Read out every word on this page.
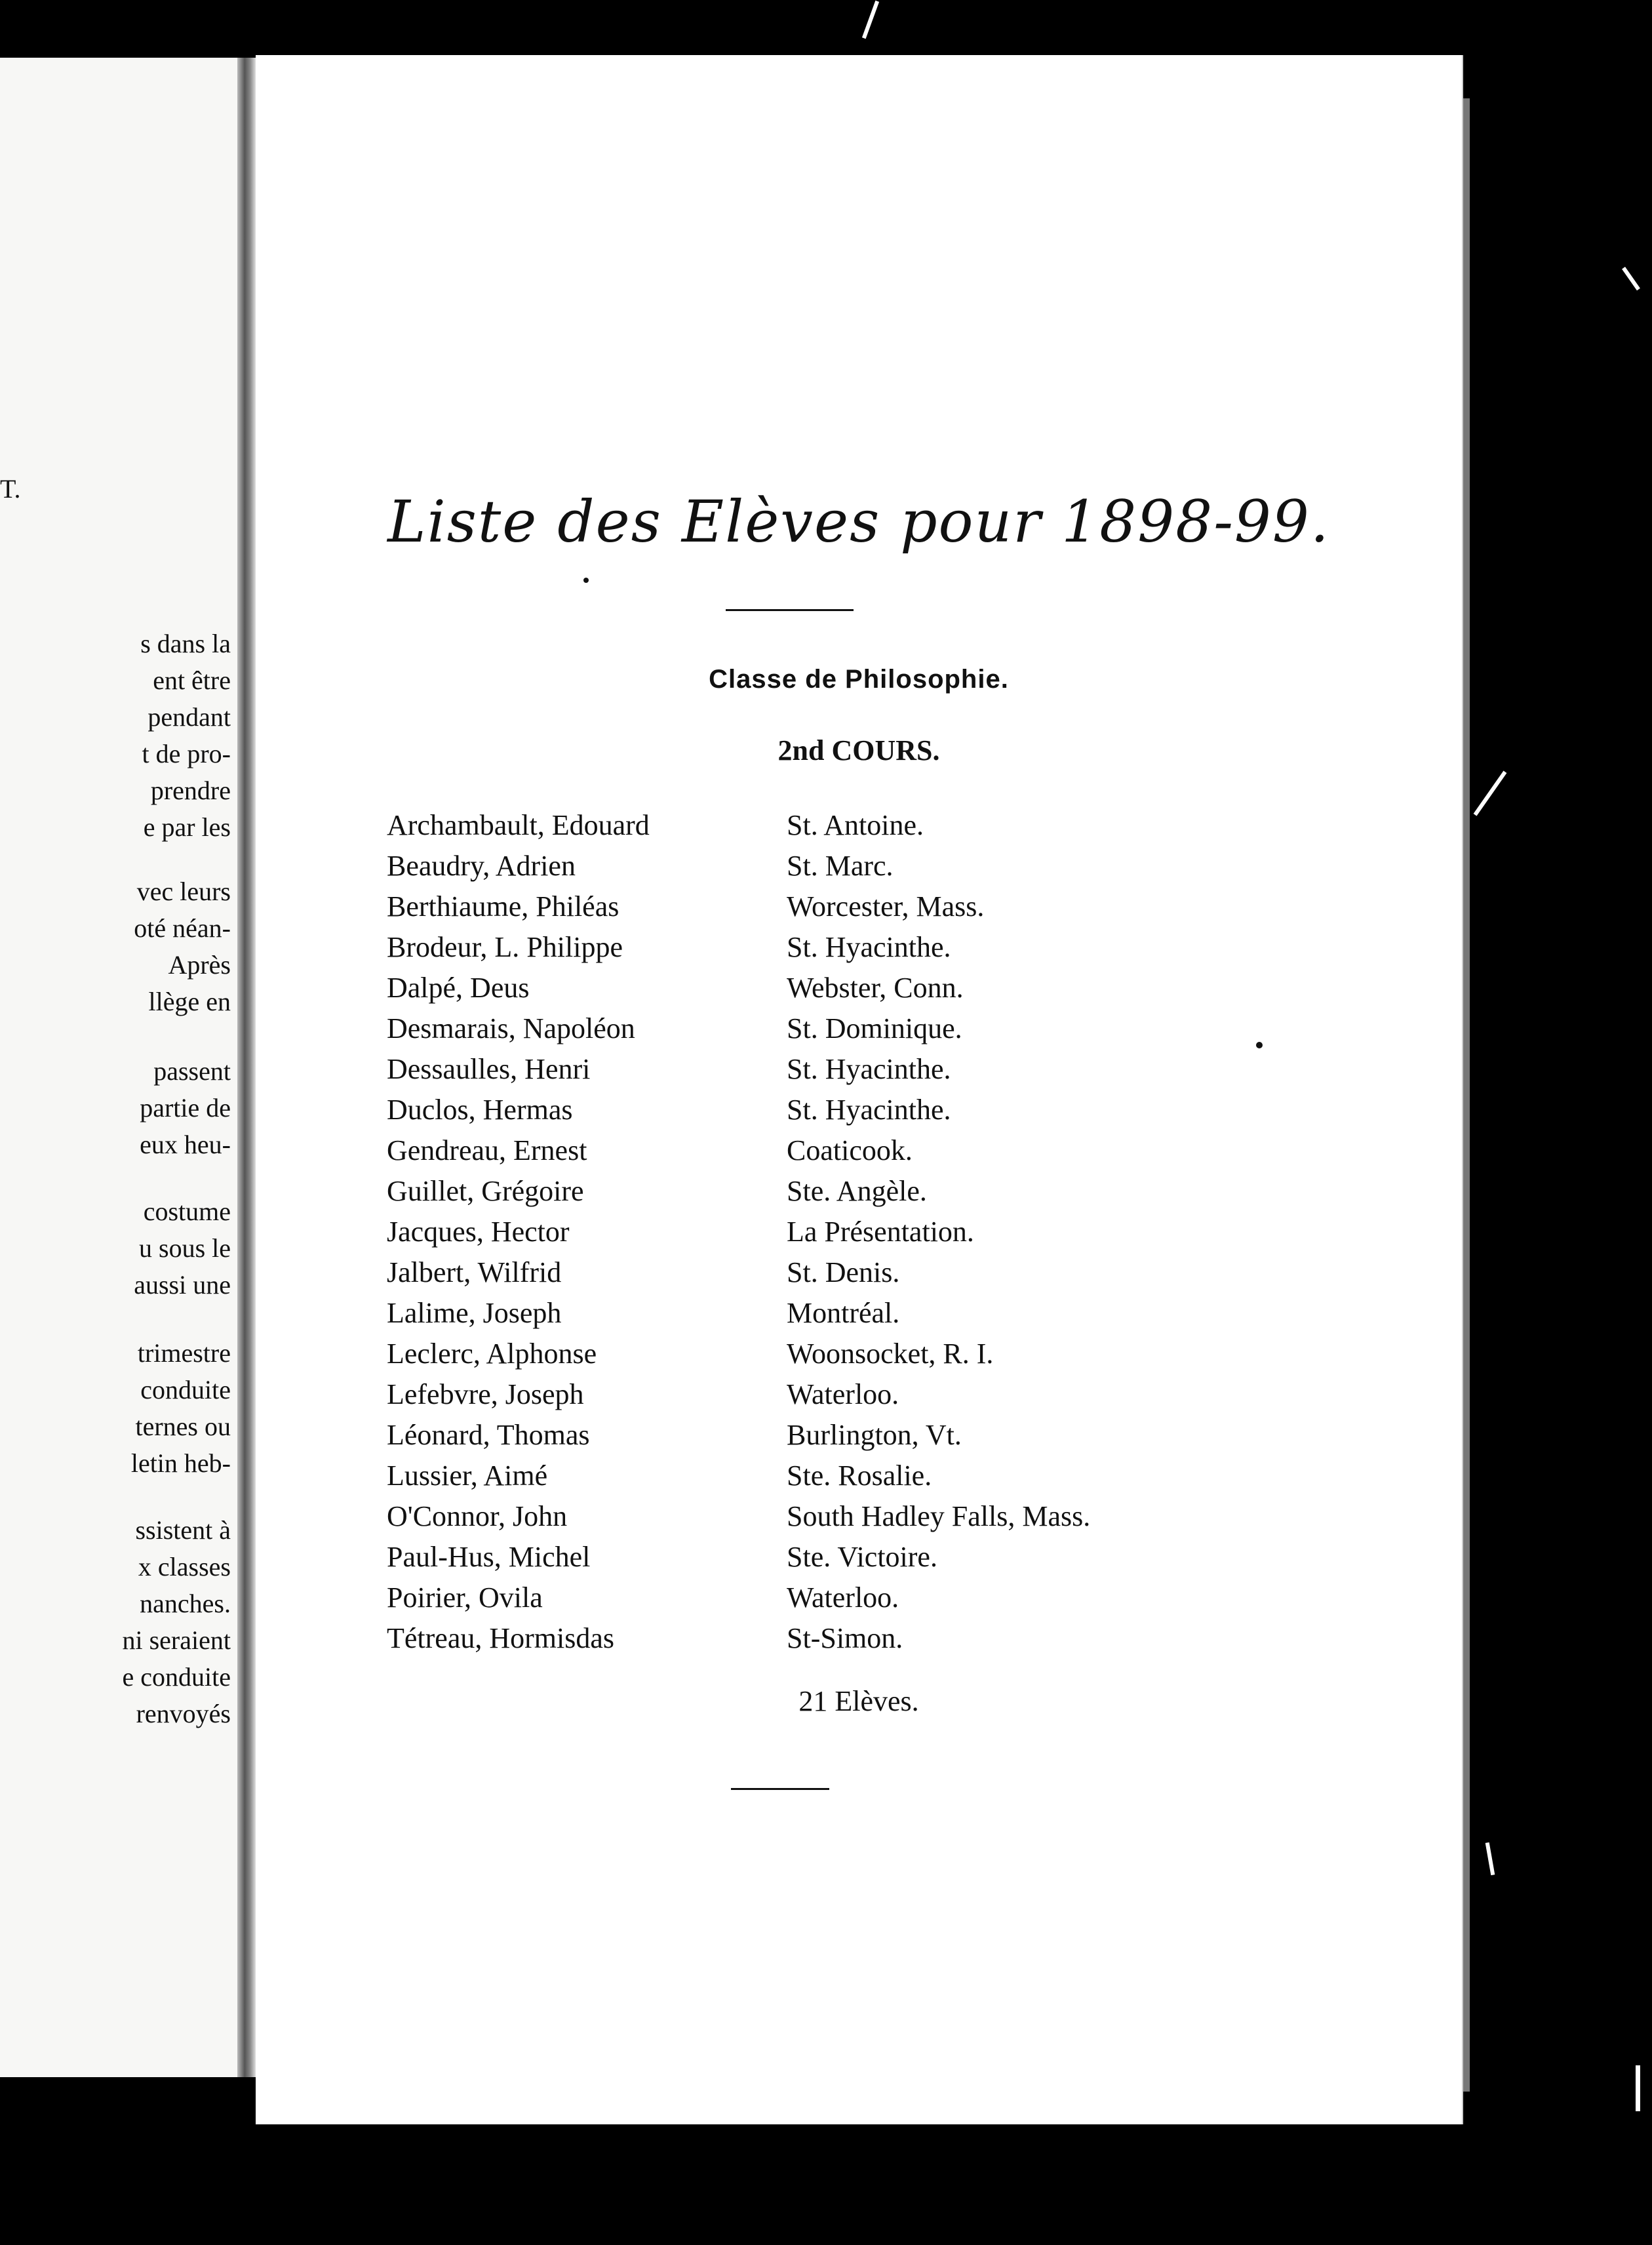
T.

s dans la

ent être

pendant

t de pro-

prendre

e par les

vec leurs

oté néan-

Après

llège en

passent

partie de

eux heu-

costume

u sous le

aussi une

trimestre

conduite

ternes ou

letin heb-

ssistent à

x classes

nanches.

ni seraient

e conduite

renvoyés

Liste des Elèves pour 1898-99.
Classe de Philosophie.
2nd COURS.
Archambault, Edouard	St. Antoine.
Beaudry, Adrien	St. Marc.
Berthiaume, Philéas	Worcester, Mass.
Brodeur, L. Philippe	St. Hyacinthe.
Dalpé, Deus	Webster, Conn.
Desmarais, Napoléon	St. Dominique.
Dessaulles, Henri	St. Hyacinthe.
Duclos, Hermas	St. Hyacinthe.
Gendreau, Ernest	Coaticook.
Guillet, Grégoire	Ste. Angèle.
Jacques, Hector	La Présentation.
Jalbert, Wilfrid	St. Denis.
Lalime, Joseph	Montréal.
Leclerc, Alphonse	Woonsocket, R. I.
Lefebvre, Joseph	Waterloo.
Léonard, Thomas	Burlington, Vt.
Lussier, Aimé	Ste. Rosalie.
O'Connor, John	South Hadley Falls, Mass.
Paul-Hus, Michel	Ste. Victoire.
Poirier, Ovila	Waterloo.
Tétreau, Hormisdas	St-Simon.

21 Elèves.
